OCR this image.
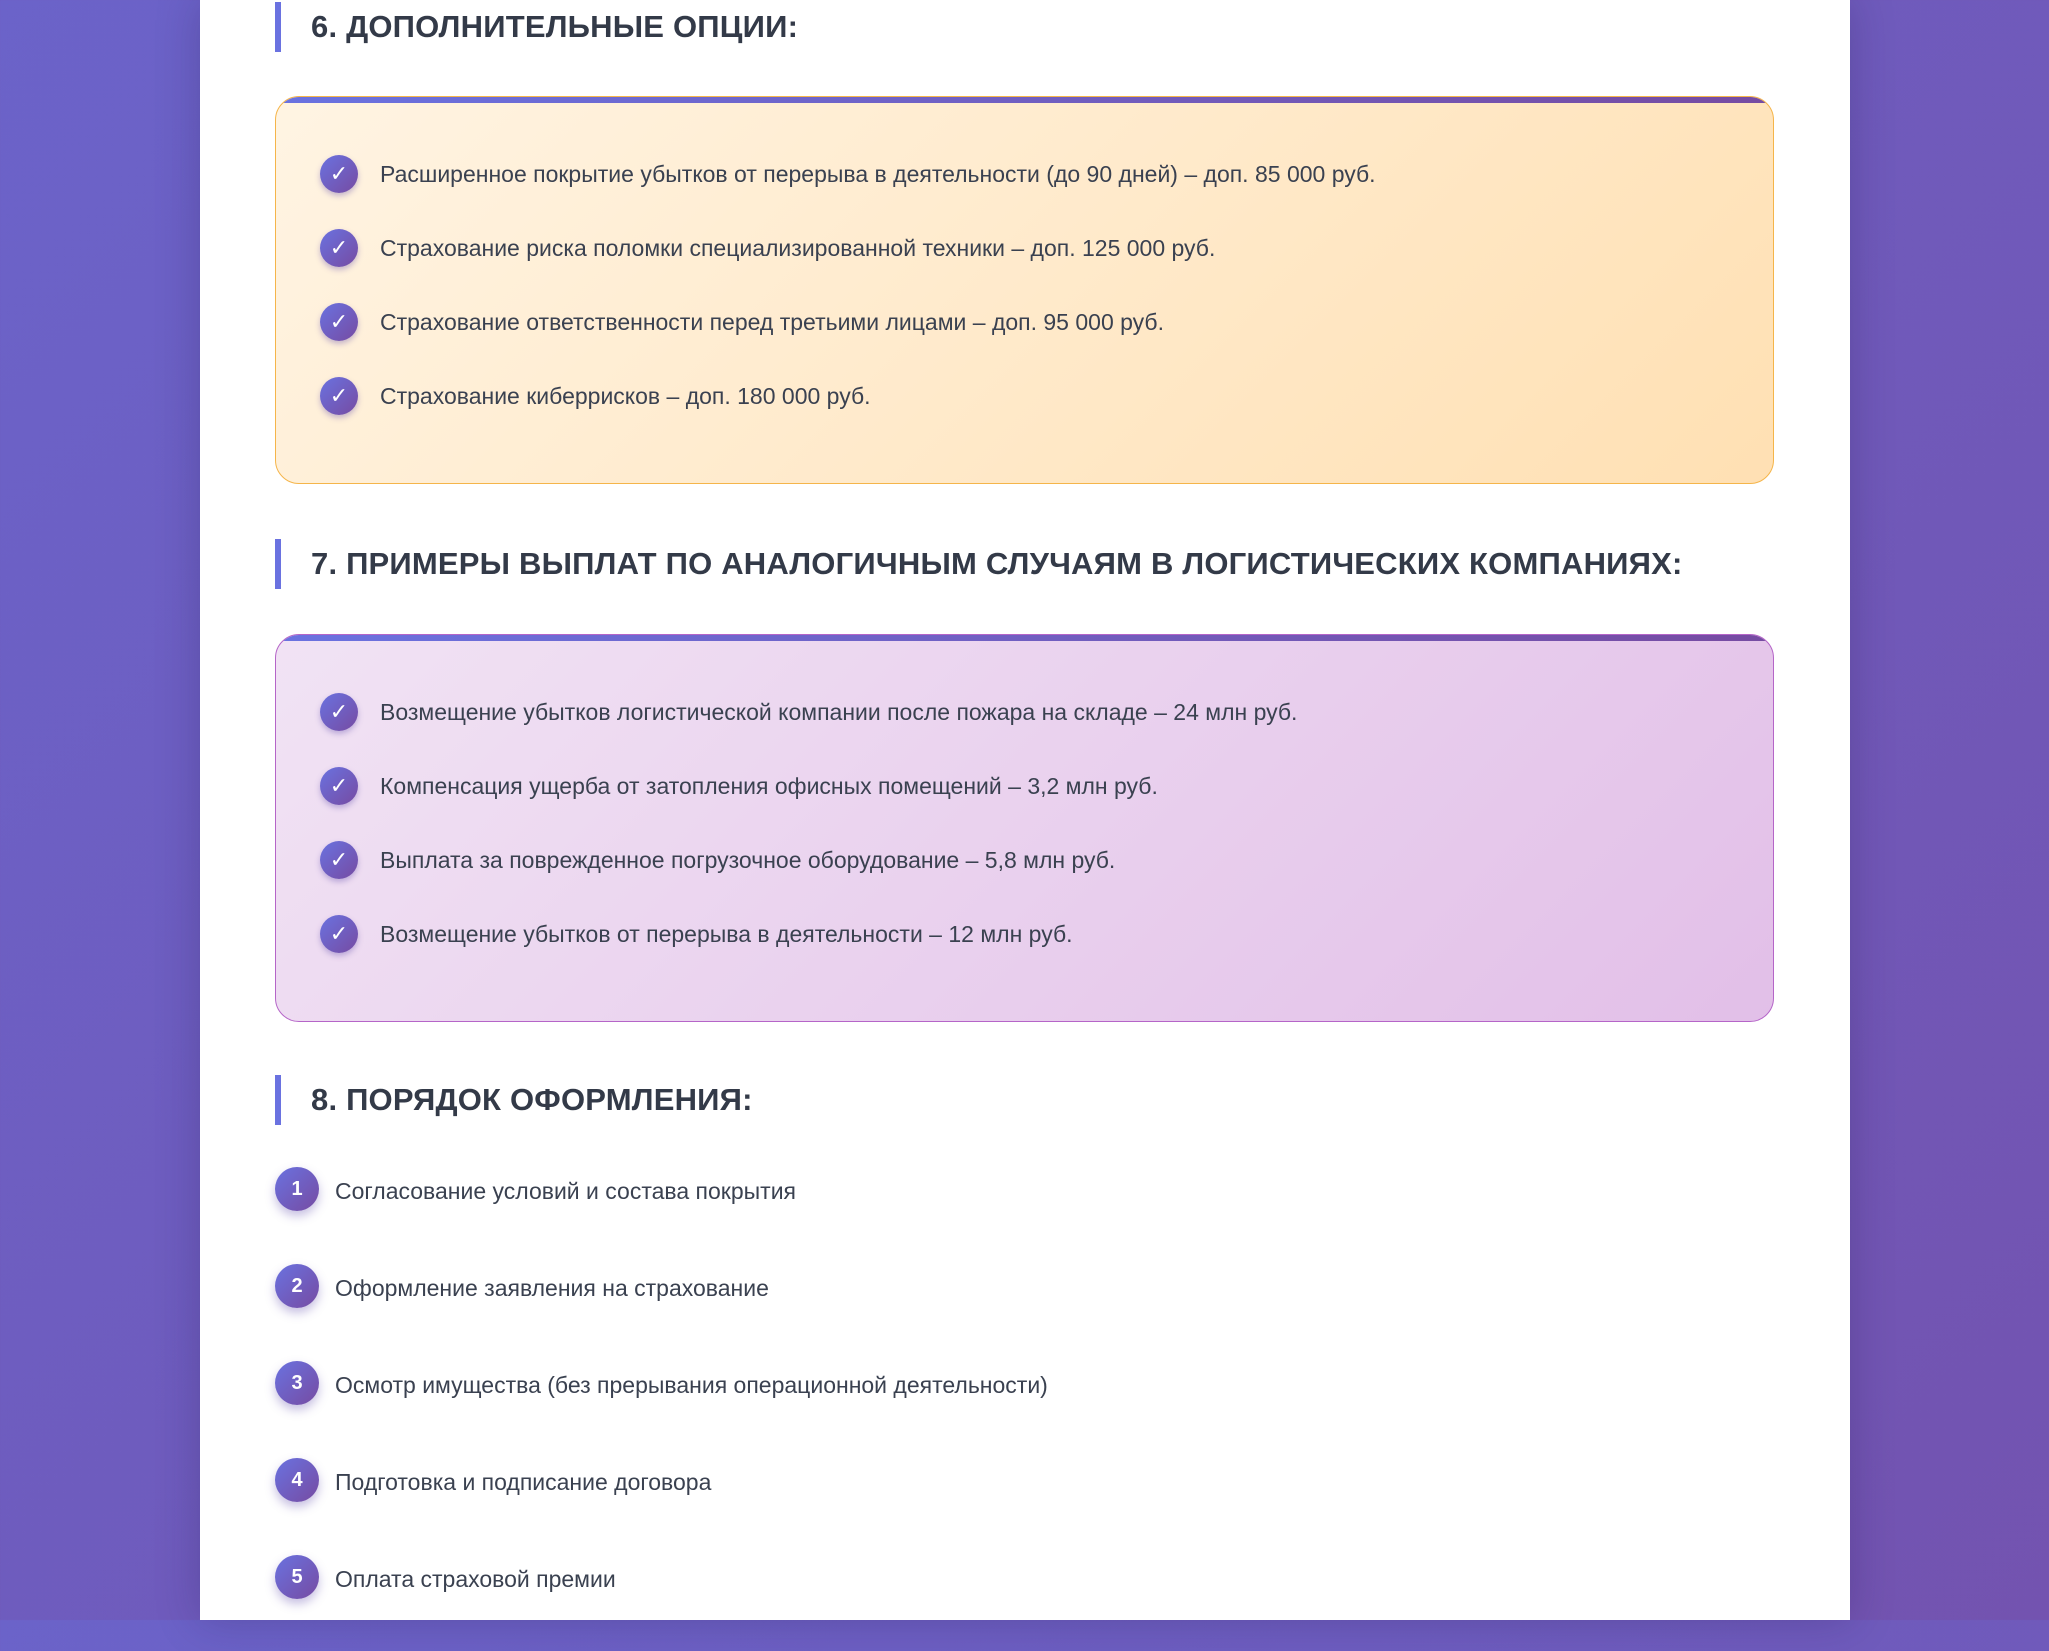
6. ДОПОЛНИТЕЛЬНЫЕ ОПЦИИ:
✓	Расширенное покрытие убытков от перерыва в деятельности (до 90 дней) – доп. 85 000 руб.
✓	Страхование риска поломки специализированной техники – доп. 125 000 руб.
✓	Страхование ответственности перед третьими лицами – доп. 95 000 руб.
✓	Страхование киберрисков – доп. 180 000 руб.
7. ПРИМЕРЫ ВЫПЛАТ ПО АНАЛОГИЧНЫМ СЛУЧАЯМ В ЛОГИСТИЧЕСКИХ КОМПАНИЯХ:
✓	Возмещение убытков логистической компании после пожара на складе – 24 млн руб.
✓	Компенсация ущерба от затопления офисных помещений – 3,2 млн руб.
✓	Выплата за поврежденное погрузочное оборудование – 5,8 млн руб.
✓	Возмещение убытков от перерыва в деятельности – 12 млн руб.
8. ПОРЯДОК ОФОРМЛЕНИЯ:
1	Согласование условий и состава покрытия
2	Оформление заявления на страхование
3	Осмотр имущества (без прерывания операционной деятельности)
4	Подготовка и подписание договора
5	Оплата страховой премии
